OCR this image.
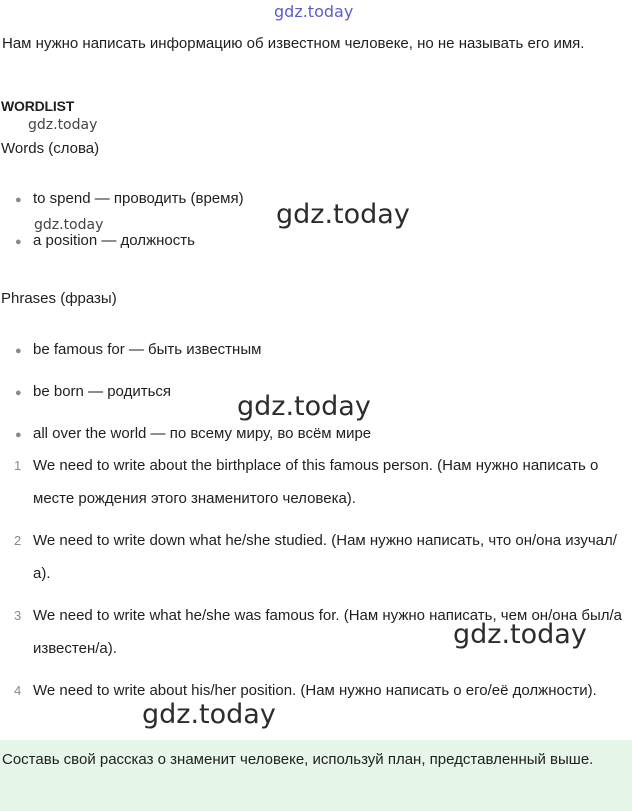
gdz.today
gdz.today
gdz.today	gdz.today
gdz.today
gdz.today
gdz.today
Нам нужно написать информацию об известном человеке, но не называть его имя.
WORDLIST
Words (слова)
● to spend — проводить (время)
● a position — должность
Phrases (фразы)
● be famous for — быть известным
● be born — родиться
● all over the world — по всему миру, во всём мире
1 We need to write about the birthplace of this famous person. (Нам нужно написать о месте рождения этого знаменитого человека).
2 We need to write down what he/she studied. (Нам нужно написать, что он/она изучал/а).
3 We need to write what he/she was famous for. (Нам нужно написать, чем он/она был/а известен/а).
4 We need to write about his/her position. (Нам нужно написать о его/её должности).
Составь свой рассказ о знаменит человеке, используй план, представленный выше.
